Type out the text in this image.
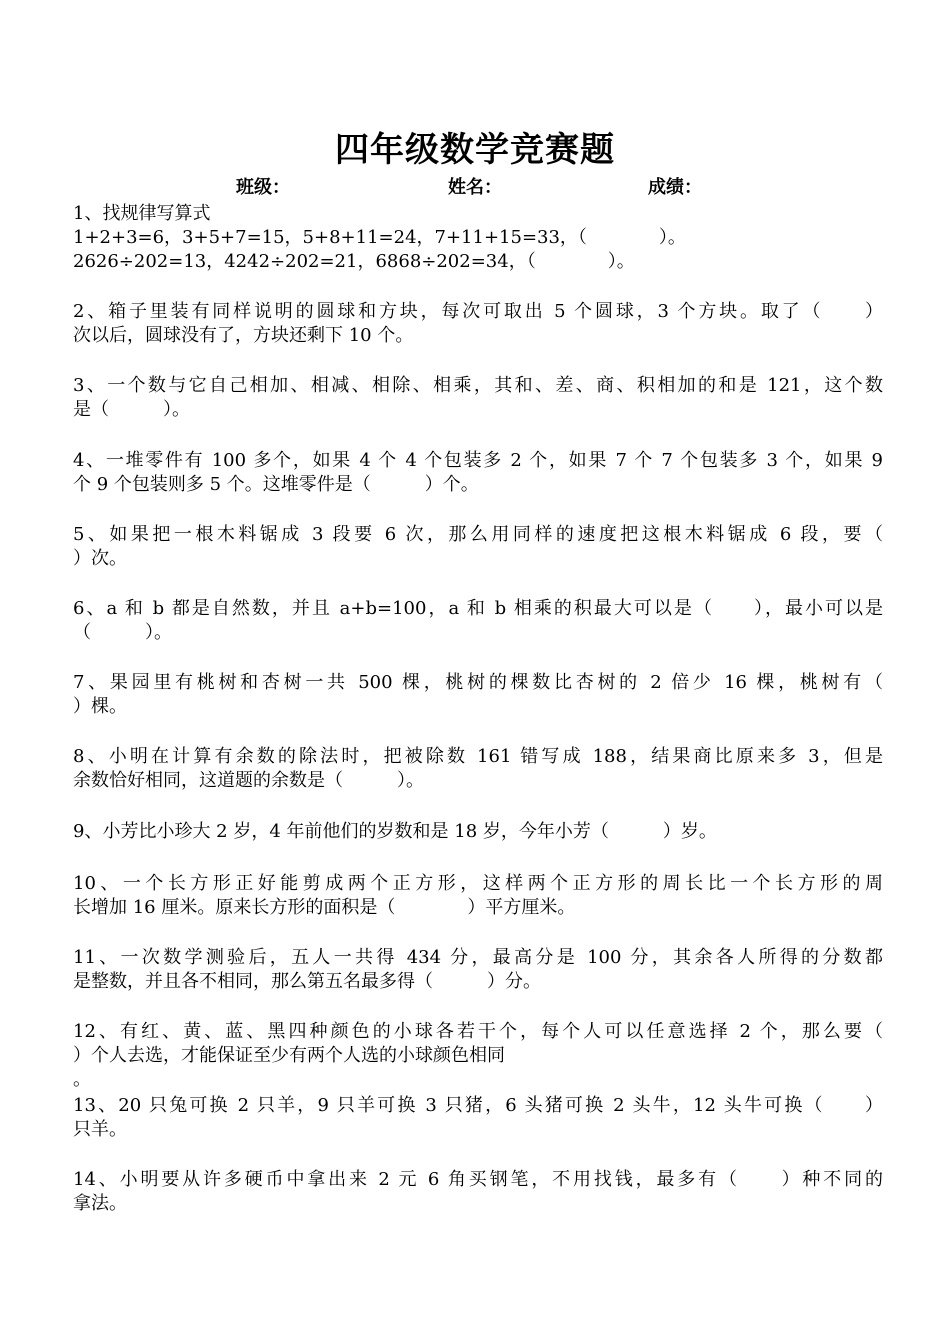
四年级数学竞赛题
班级：	姓名：	成绩：
1、找规律写算式
1+2+3=6，3+5+7=15，5+8+11=24，7+11+15=33，（　　　　）。
2626÷202=13，4242÷202=21，6868÷202=34，（　　　　）。
2、箱子里装有同样说明的圆球和方块，每次可取出 5 个圆球，3 个方块。取了（　　）
次以后，圆球没有了，方块还剩下 10 个。
3、一个数与它自己相加、相减、相除、相乘，其和、差、商、积相加的和是 121，这个数
是（　　　）。
4、一堆零件有 100 多个，如果 4 个 4 个包装多 2 个，如果 7 个 7 个包装多 3 个，如果 9
个 9 个包装则多 5 个。这堆零件是（　　　）个。
5、如果把一根木料锯成 3 段要 6 次，那么用同样的速度把这根木料锯成 6 段，要（
）次。
6、a 和 b 都是自然数，并且 a+b=100，a 和 b 相乘的积最大可以是（　　），最小可以是
（　　　）。
7、果园里有桃树和杏树一共 500 棵，桃树的棵数比杏树的 2 倍少 16 棵，桃树有（
）棵。
8、小明在计算有余数的除法时，把被除数 161 错写成 188，结果商比原来多 3，但是
余数恰好相同，这道题的余数是（　　　）。
9、小芳比小珍大 2 岁，4 年前他们的岁数和是 18 岁，今年小芳（　　　）岁。
10、一个长方形正好能剪成两个正方形，这样两个正方形的周长比一个长方形的周
长增加 16 厘米。原来长方形的面积是（　　　　）平方厘米。
11、一次数学测验后，五人一共得 434 分，最高分是 100 分，其余各人所得的分数都
是整数，并且各不相同，那么第五名最多得（　　　）分。
12、有红、黄、蓝、黑四种颜色的小球各若干个，每个人可以任意选择 2 个，那么要（
）个人去选，才能保证至少有两个人选的小球颜色相同
。
13、20 只兔可换 2 只羊，9 只羊可换 3 只猪，6 头猪可换 2 头牛，12 头牛可换（　　）
只羊。
14、小明要从许多硬币中拿出来 2 元 6 角买钢笔，不用找钱，最多有（　　）种不同的
拿法。
